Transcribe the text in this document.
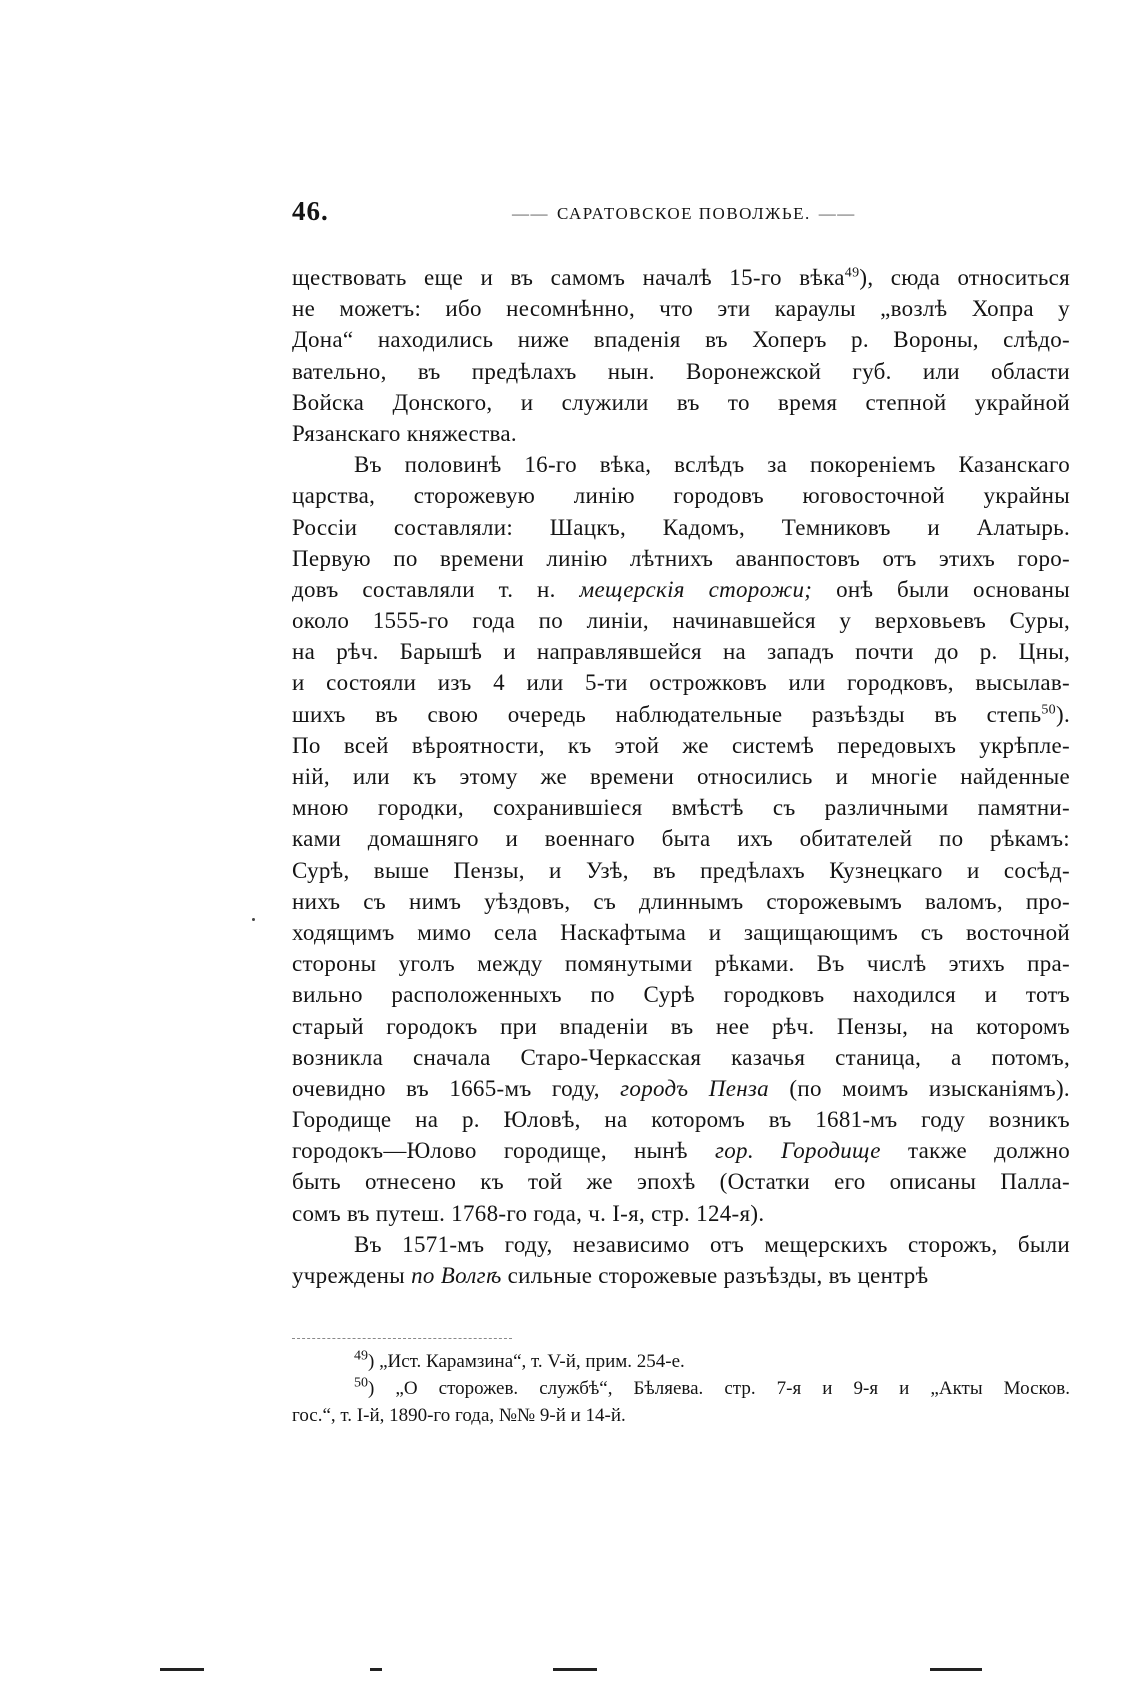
46.	—— САРАТОВСКОЕ ПОВОЛЖЬЕ. ——
ществовать еще и въ самомъ началѣ 15-го вѣка$^{49}$), сюда относиться
не можетъ: ибо несомнѣнно, что эти караулы „возлѣ Хопра у
Дона“ находились ниже впаденія въ Хоперъ р. Вороны, слѣдо-
вательно, въ предѣлахъ нын. Воронежской губ. или области
Войска Донского, и служили въ то время степной украйной
Рязанскаго княжества.
Въ половинѣ 16-го вѣка, вслѣдъ за покореніемъ Казанскаго
царства, сторожевую линію городовъ юговосточной украйны
Россіи составляли: Шацкъ, Кадомъ, Темниковъ и Алатырь.
Первую по времени линію лѣтнихъ аванпостовъ отъ этихъ горо-
довъ составляли т. н. мещерскія сторожи; онѣ были основаны
около 1555-го года по линіи, начинавшейся у верховьевъ Суры,
на рѣч. Барышѣ и направлявшейся на западъ почти до р. Цны,
и состояли изъ 4 или 5-ти острожковъ или городковъ, высылав-
шихъ въ свою очередь наблюдательные разъѣзды въ степь$^{50}$).
По всей вѣроятности, къ этой же системѣ передовыхъ укрѣпле-
ній, или къ этому же времени относились и многіе найденные
мною городки, сохранившіеся вмѣстѣ съ различными памятни-
ками домашняго и военнаго быта ихъ обитателей по рѣкамъ:
Сурѣ, выше Пензы, и Узѣ, въ предѣлахъ Кузнецкаго и сосѣд-
нихъ съ нимъ уѣздовъ, съ длиннымъ сторожевымъ валомъ, про-
ходящимъ мимо села Наскафтыма и защищающимъ съ восточной
стороны уголъ между помянутыми рѣками. Въ числѣ этихъ пра-
вильно расположенныхъ по Сурѣ городковъ находился и тотъ
старый городокъ при впаденіи въ нее рѣч. Пензы, на которомъ
возникла сначала Старо-Черкасская казачья станица, а потомъ,
очевидно въ 1665-мъ году, городъ Пенза (по моимъ изысканіямъ).
Городище на р. Юловѣ, на которомъ въ 1681-мъ году возникъ
городокъ—Юлово городище, нынѣ гор. Городище также должно
быть отнесено къ той же эпохѣ (Остатки его описаны Палла-
сомъ въ путеш. 1768-го года, ч. I-я, стр. 124-я).
Въ 1571-мъ году, независимо отъ мещерскихъ сторожъ, были
учреждены по Волгѣ сильные сторожевые разъѣзды, въ центрѣ
$^{49}$) „Ист. Карамзина“, т. V-й, прим. 254-е.
$^{50}$) „О сторожев. службѣ“, Бѣляева. стр. 7-я и 9-я и „Акты Москов.
гос.“, т. I-й, 1890-го года, №№ 9-й и 14-й.
